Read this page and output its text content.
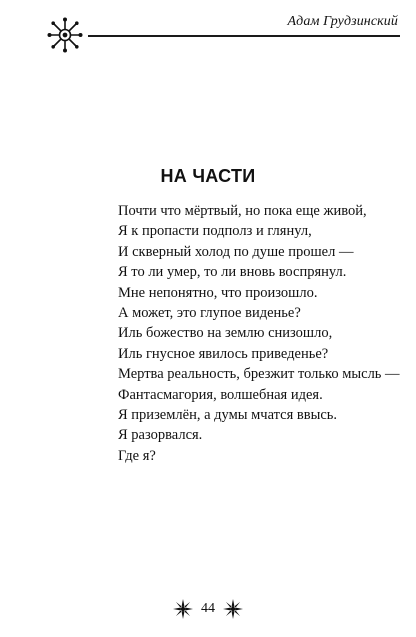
Адам Грудзинский
НА ЧАСТИ
Почти что мёртвый, но пока еще живой,
Я к пропасти подполз и глянул,
И скверный холод по душе прошел —
Я то ли умер, то ли вновь воспрянул.
Мне непонятно, что произошло.
А может, это глупое виденье?
Иль божество на землю снизошло,
Иль гнусное явилось приведенье?
Мертва реальность, брезжит только мысль —
Фантасмагория, волшебная идея.
Я приземлён, а думы мчатся ввысь.
Я разорвался.
Где я?
44
